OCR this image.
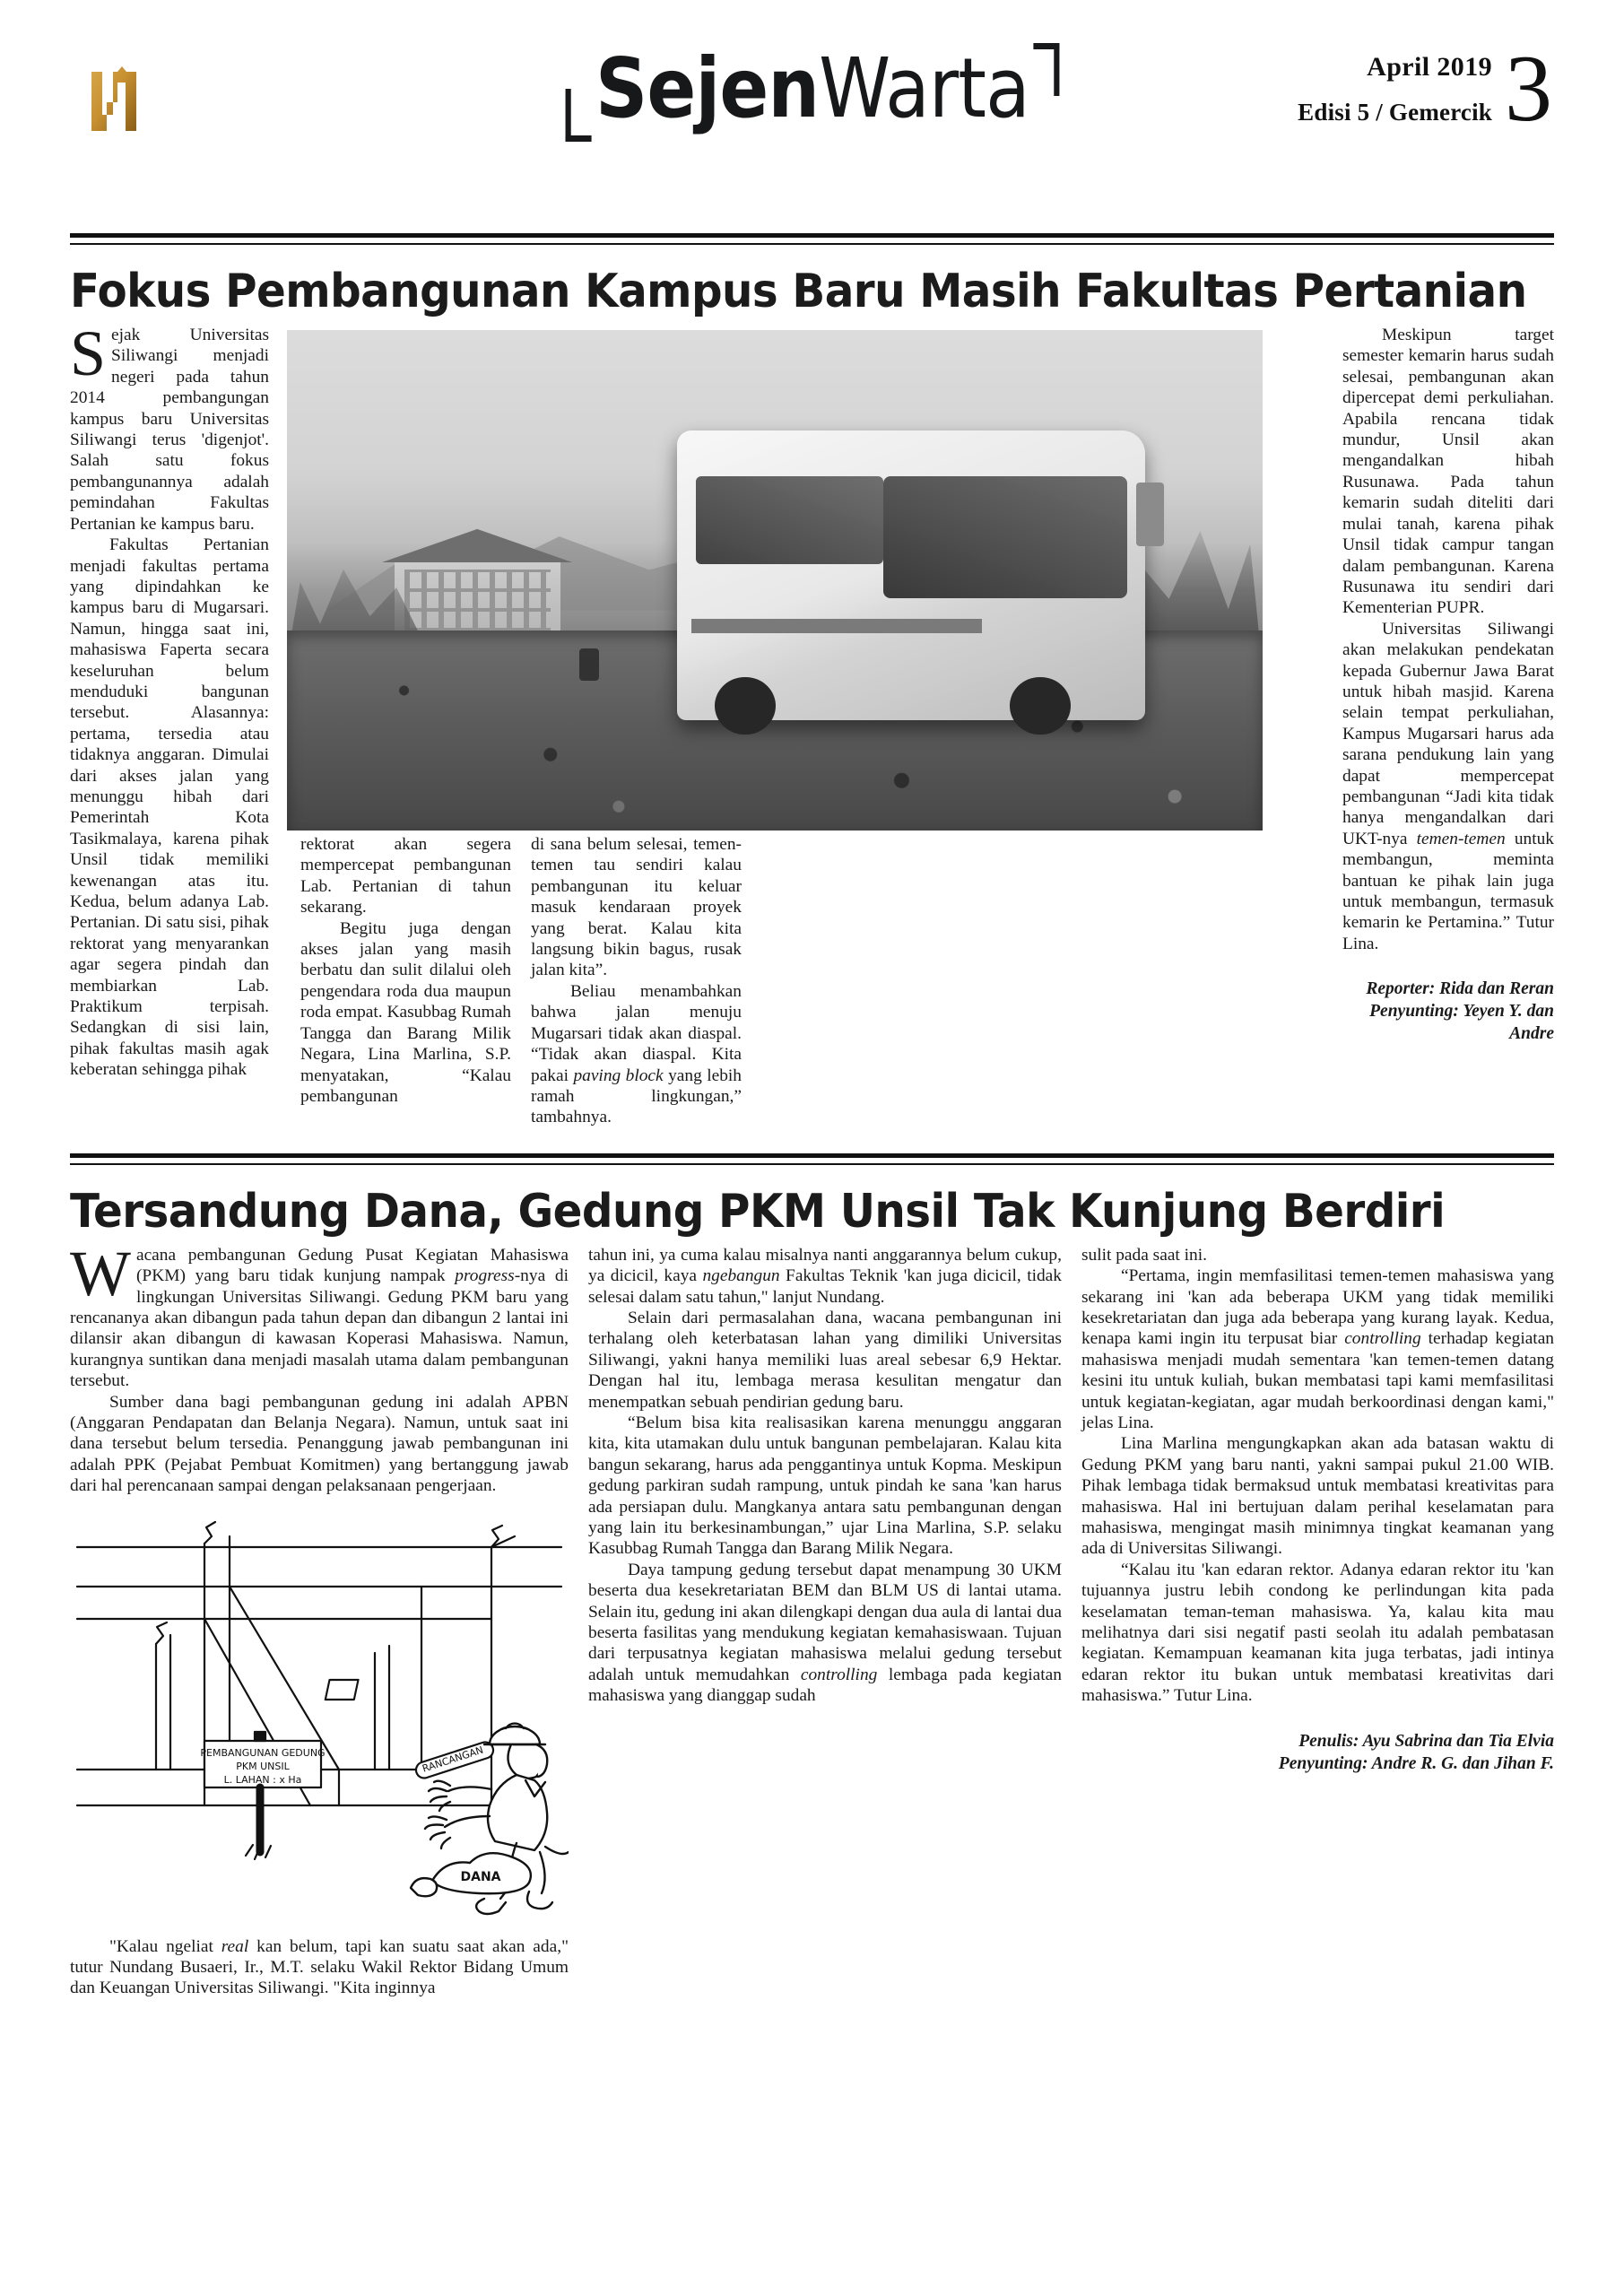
SejenWarta	April 2019
Edisi 5 / Gemercik 3
Fokus Pembangunan Kampus Baru Masih Fakultas Pertanian

Sejak Universitas Siliwangi menjadi negeri pada tahun 2014 pembangungan kampus baru Universitas Siliwangi terus 'digenjot'. Salah satu fokus pembangunannya adalah pemindahan Fakultas Pertanian ke kampus baru.

Fakultas Pertanian menjadi fakultas pertama yang dipindahkan ke kampus baru di Mugarsari. Namun, hingga saat ini, mahasiswa Faperta secara keseluruhan belum menduduki bangunan tersebut. Alasannya: pertama, tersedia atau tidaknya anggaran. Dimulai dari akses jalan yang menunggu hibah dari Pemerintah Kota Tasikmalaya, karena pihak Unsil tidak memiliki kewenangan atas itu. Kedua, belum adanya Lab. Pertanian. Di satu sisi, pihak rektorat yang menyarankan agar segera pindah dan membiarkan Lab. Praktikum terpisah. Sedangkan di sisi lain, pihak fakultas masih agak keberatan sehingga pihak

Meskipun target semester kemarin harus sudah selesai, pembangunan akan dipercepat demi perkuliahan. Apabila rencana tidak mundur, Unsil akan mengandalkan hibah Rusunawa. Pada tahun kemarin sudah diteliti dari mulai tanah, karena pihak Unsil tidak campur tangan dalam pembangunan. Karena Rusunawa itu sendiri dari Kementerian PUPR.

Universitas Siliwangi akan melakukan pendekatan kepada Gubernur Jawa Barat untuk hibah masjid. Karena selain tempat perkuliahan, Kampus Mugarsari harus ada sarana pendukung lain yang dapat mempercepat pembangunan “Jadi kita tidak hanya mengandalkan dari UKT-nya temen-temen untuk membangun, meminta bantuan ke pihak lain juga untuk membangun, termasuk kemarin ke Pertamina.” Tutur Lina.

Reporter: Rida dan Reran
Penyunting: Yeyen Y. dan Andre

rektorat akan segera mempercepat pembangunan Lab. Pertanian di tahun sekarang.

Begitu juga dengan akses jalan yang masih berbatu dan sulit dilalui oleh pengendara roda dua maupun roda empat. Kasubbag Rumah Tangga dan Barang Milik Negara, Lina Marlina, S.P. menyatakan, “Kalau pembangunan

di sana belum selesai, temen-temen tau sendiri kalau pembangunan itu keluar masuk kendaraan proyek yang berat. Kalau kita langsung bikin bagus, rusak jalan kita”.

Beliau menambahkan bahwa jalan menuju Mugarsari tidak akan diaspal. “Tidak akan diaspal. Kita pakai paving block yang lebih ramah lingkungan,” tambahnya.

Tersandung Dana, Gedung PKM Unsil Tak Kunjung Berdiri

Wacana pembangunan Gedung Pusat Kegiatan Mahasiswa (PKM) yang baru tidak kunjung nampak progress-nya di lingkungan Universitas Siliwangi. Gedung PKM baru yang rencananya akan dibangun pada tahun depan dan dibangun 2 lantai ini dilansir akan dibangun di kawasan Koperasi Mahasiswa. Namun, kurangnya suntikan dana menjadi masalah utama dalam pembangunan tersebut.

Sumber dana bagi pembangunan gedung ini adalah APBN (Anggaran Pendapatan dan Belanja Negara). Namun, untuk saat ini dana tersebut belum tersedia. Penanggung jawab pembangunan ini adalah PPK (Pejabat Pembuat Komitmen) yang bertanggung jawab dari hal perencanaan sampai dengan pelaksanaan pengerjaan.

PEMBANGUNAN GEDUNG
PKM UNSIL
L. LAHAN : x Ha
RANCANGAN
DANA

"Kalau ngeliat real kan belum, tapi kan suatu saat akan ada," tutur Nundang Busaeri, Ir., M.T. selaku Wakil Rektor Bidang Umum dan Keuangan Universitas Siliwangi. "Kita inginnya

tahun ini, ya cuma kalau misalnya nanti anggarannya belum cukup, ya dicicil, kaya ngebangun Fakultas Teknik 'kan juga dicicil, tidak selesai dalam satu tahun," lanjut Nundang.

Selain dari permasalahan dana, wacana pembangunan ini terhalang oleh keterbatasan lahan yang dimiliki Universitas Siliwangi, yakni hanya memiliki luas areal sebesar 6,9 Hektar. Dengan hal itu, lembaga merasa kesulitan mengatur dan menempatkan sebuah pendirian gedung baru.

“Belum bisa kita realisasikan karena menunggu anggaran kita, kita utamakan dulu untuk bangunan pembelajaran. Kalau kita bangun sekarang, harus ada penggantinya untuk Kopma. Meskipun gedung parkiran sudah rampung, untuk pindah ke sana 'kan harus ada persiapan dulu. Mangkanya antara satu pembangunan dengan yang lain itu berkesinambungan,” ujar Lina Marlina, S.P. selaku Kasubbag Rumah Tangga dan Barang Milik Negara.

Daya tampung gedung tersebut dapat menampung 30 UKM beserta dua kesekretariatan BEM dan BLM US di lantai utama. Selain itu, gedung ini akan dilengkapi dengan dua aula di lantai dua beserta fasilitas yang mendukung kegiatan kemahasiswaan. Tujuan dari terpusatnya kegiatan mahasiswa melalui gedung tersebut adalah untuk memudahkan controlling lembaga pada kegiatan mahasiswa yang dianggap sudah

sulit pada saat ini.

“Pertama, ingin memfasilitasi temen-temen mahasiswa yang sekarang ini 'kan ada beberapa UKM yang tidak memiliki kesekretariatan dan juga ada beberapa yang kurang layak. Kedua, kenapa kami ingin itu terpusat biar controlling terhadap kegiatan mahasiswa menjadi mudah sementara 'kan temen-temen datang kesini itu untuk kuliah, bukan membatasi tapi kami memfasilitasi untuk kegiatan-kegiatan, agar mudah berkoordinasi dengan kami," jelas Lina.

Lina Marlina mengungkapkan akan ada batasan waktu di Gedung PKM yang baru nanti, yakni sampai pukul 21.00 WIB. Pihak lembaga tidak bermaksud untuk membatasi kreativitas para mahasiswa. Hal ini bertujuan dalam perihal keselamatan para mahasiswa, mengingat masih minimnya tingkat keamanan yang ada di Universitas Siliwangi.

“Kalau itu 'kan edaran rektor. Adanya edaran rektor itu 'kan tujuannya justru lebih condong ke perlindungan kita pada keselamatan teman-teman mahasiswa. Ya, kalau kita mau melihatnya dari sisi negatif pasti seolah itu adalah pembatasan kegiatan. Kemampuan keamanan kita juga terbatas, jadi intinya edaran rektor itu bukan untuk membatasi kreativitas dari mahasiswa.” Tutur Lina.

Penulis: Ayu Sabrina dan Tia Elvia
Penyunting: Andre R. G. dan Jihan F.
